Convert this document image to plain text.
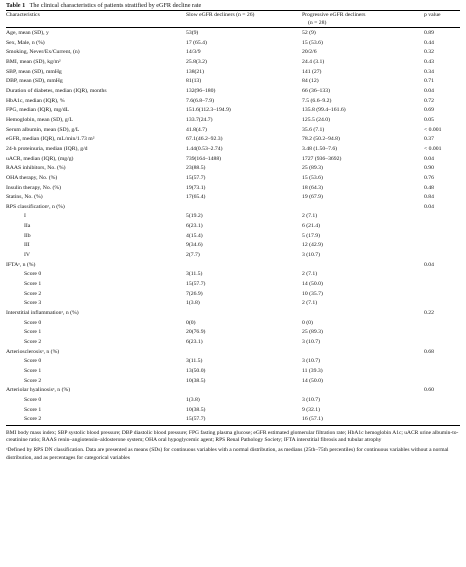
Table 1 The clinical characteristics of patients stratified by eGFR decline rate
Characteristics	Slow eGFR decliners (n = 26)	Progressive eGFR decliners	p value
		(n = 28)	
Age, mean (SD), y	53(9)	52 (9)	0.89
Sex, Male, n (%)	17 (65.4)	15 (53.6)	0.44
Smoking, Never/Ex/Current, (n)	14/3/9	20/2/6	0.32
BMI, mean (SD), kg/m²	25.8(3.2)	24.4 (3.1)	0.43
SBP, mean (SD), mmHg	138(21)	141 (27)	0.34
DBP, mean (SD), mmHg	81(13)	84 (12)	0.71
Duration of diabetes, median (IQR), months	132(96–180)	66 (36–133)	0.04
HbA1c, median (IQR), %	7.6(6.8–7.9)	7.5 (6.6–9.2)	0.72
FPG, median (IQR), mg/dL	151.6(112.3–194.9)	135.8 (99.4–161.6)	0.69
Hemoglobin, mean (SD), g/L	133.7(24.7)	125.5 (24.0)	0.05
Serum albumin, mean (SD), g/L	41.8(4.7)	35.6 (7.1)	< 0.001
eGFR, median (IQR), mL/min/1.73 m²	67.1(46.2–92.3)	78.2 (50.2–94.8)	0.37
24-h proteinuria, median (IQR), g/d	1.44(0.53–2.74)	3.48 (1.50–7.6)	< 0.001
uACR, median (IQR), (mg/g)	739(164–1488)	1727 (936–3692)	0.04
RAAS inhibitors, No. (%)	23(88.5)	25 (89.3)	0.90
OHA therapy, No. (%)	15(57.7)	15 (53.6)	0.76
Insulin therapy, No. (%)	19(73.1)	18 (64.3)	0.48
Statins, No. (%)	17(65.4)	19 (67.9)	0.84
RPS classificationᵃ, n (%)			0.04
I	5(19.2)	2 (7.1)	
IIa	6(23.1)	6 (21.4)	
IIb	4(15.4)	5 (17.9)	
III	9(34.6)	12 (42.9)	
IV	2(7.7)	3 (10.7)	
IFTAᵃ, n (%)			0.04
Score 0	3(11.5)	2 (7.1)	
Score 1	15(57.7)	14 (50.0)	
Score 2	7(26.9)	10 (35.7)	
Score 3	1(3.8)	2 (7.1)	
Interstitial inflammationᵃ, n (%)			0.22
Score 0	0(0)	0 (0)	
Score 1	20(76.9)	25 (89.3)	
Score 2	6(23.1)	3 (10.7)	
Arteriosclerosisᵃ, n (%)			0.68
Score 0	3(11.5)	3 (10.7)	
Score 1	13(50.0)	11 (39.3)	
Score 2	10(38.5)	14 (50.0)	
Arteriolar hyalinosisᵃ, n (%)			0.60
Score 0	1(3.8)	3 (10.7)	
Score 1	10(38.5)	9 (32.1)	
Score 2	15(57.7)	16 (57.1)	

BMI body mass index; SBP systolic blood pressure; DBP diastolic blood pressure; FPG fasting plasma glucose; eGFR estimated glomerular filtration rate; HbA1c hemoglobin A1c; uACR urine albumin-to-creatinine ratio; RAAS renin–angiotensin–aldosterone system; OHA oral hypoglycemic agent; RPS Renal Pathology Society; IFTA interstitial fibrosis and tubular atrophy

ᵃDefined by RPS DN classification. Data are presented as means (SDs) for continuous variables with a normal distribution, as medians (25th–75th percentiles) for continuous variables without a normal distribution, and as percentages for categorical variables
